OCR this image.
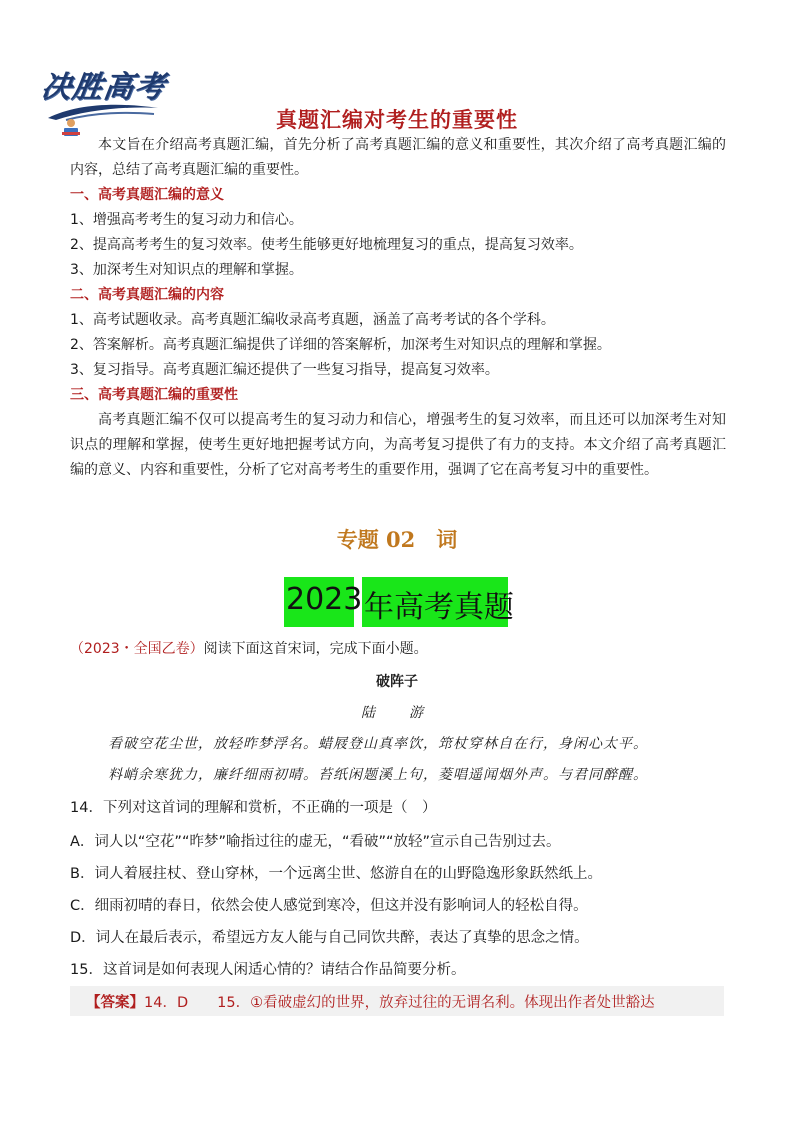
决胜高考
真题汇编对考生的重要性
本文旨在介绍高考真题汇编，首先分析了高考真题汇编的意义和重要性，其次介绍了高考真题汇编的内容，总结了高考真题汇编的重要性。
一、高考真题汇编的意义
1、增强高考考生的复习动力和信心。
2、提高高考考生的复习效率。使考生能够更好地梳理复习的重点，提高复习效率。
3、加深考生对知识点的理解和掌握。
二、高考真题汇编的内容
1、高考试题收录。高考真题汇编收录高考真题，涵盖了高考考试的各个学科。
2、答案解析。高考真题汇编提供了详细的答案解析，加深考生对知识点的理解和掌握。
3、复习指导。高考真题汇编还提供了一些复习指导，提高复习效率。
三、高考真题汇编的重要性
高考真题汇编不仅可以提高考生的复习动力和信心，增强考生的复习效率，而且还可以加深考生对知识点的理解和掌握，使考生更好地把握考试方向，为高考复习提供了有力的支持。本文介绍了高考真题汇编的意义、内容和重要性，分析了它对高考考生的重要作用，强调了它在高考复习中的重要性。
专题 02　词
2023 年高考真题
（2023・全国乙卷）阅读下面这首宋词，完成下面小题。
破阵子
陆　游
看破空花尘世，放轻昨梦浮名。蜡屐登山真率饮，筇杖穿林自在行，身闲心太平。
料峭余寒犹力，廉纤细雨初晴。苔纸闲题溪上句，菱唱遥闻烟外声。与君同醉醒。
14．下列对这首词的理解和赏析，不正确的一项是（　）
A．词人以“空花”“昨梦”喻指过往的虚无，“看破”“放轻”宣示自己告别过去。
B．词人着屐拄杖、登山穿林，一个远离尘世、悠游自在的山野隐逸形象跃然纸上。
C．细雨初晴的春日，依然会使人感觉到寒冷，但这并没有影响词人的轻松自得。
D．词人在最后表示，希望远方友人能与自己同饮共醉，表达了真挚的思念之情。
15．这首词是如何表现人闲适心情的？请结合作品简要分析。
【答案】14．D　　15．①看破虚幻的世界，放弃过往的无谓名利。体现出作者处世豁达
